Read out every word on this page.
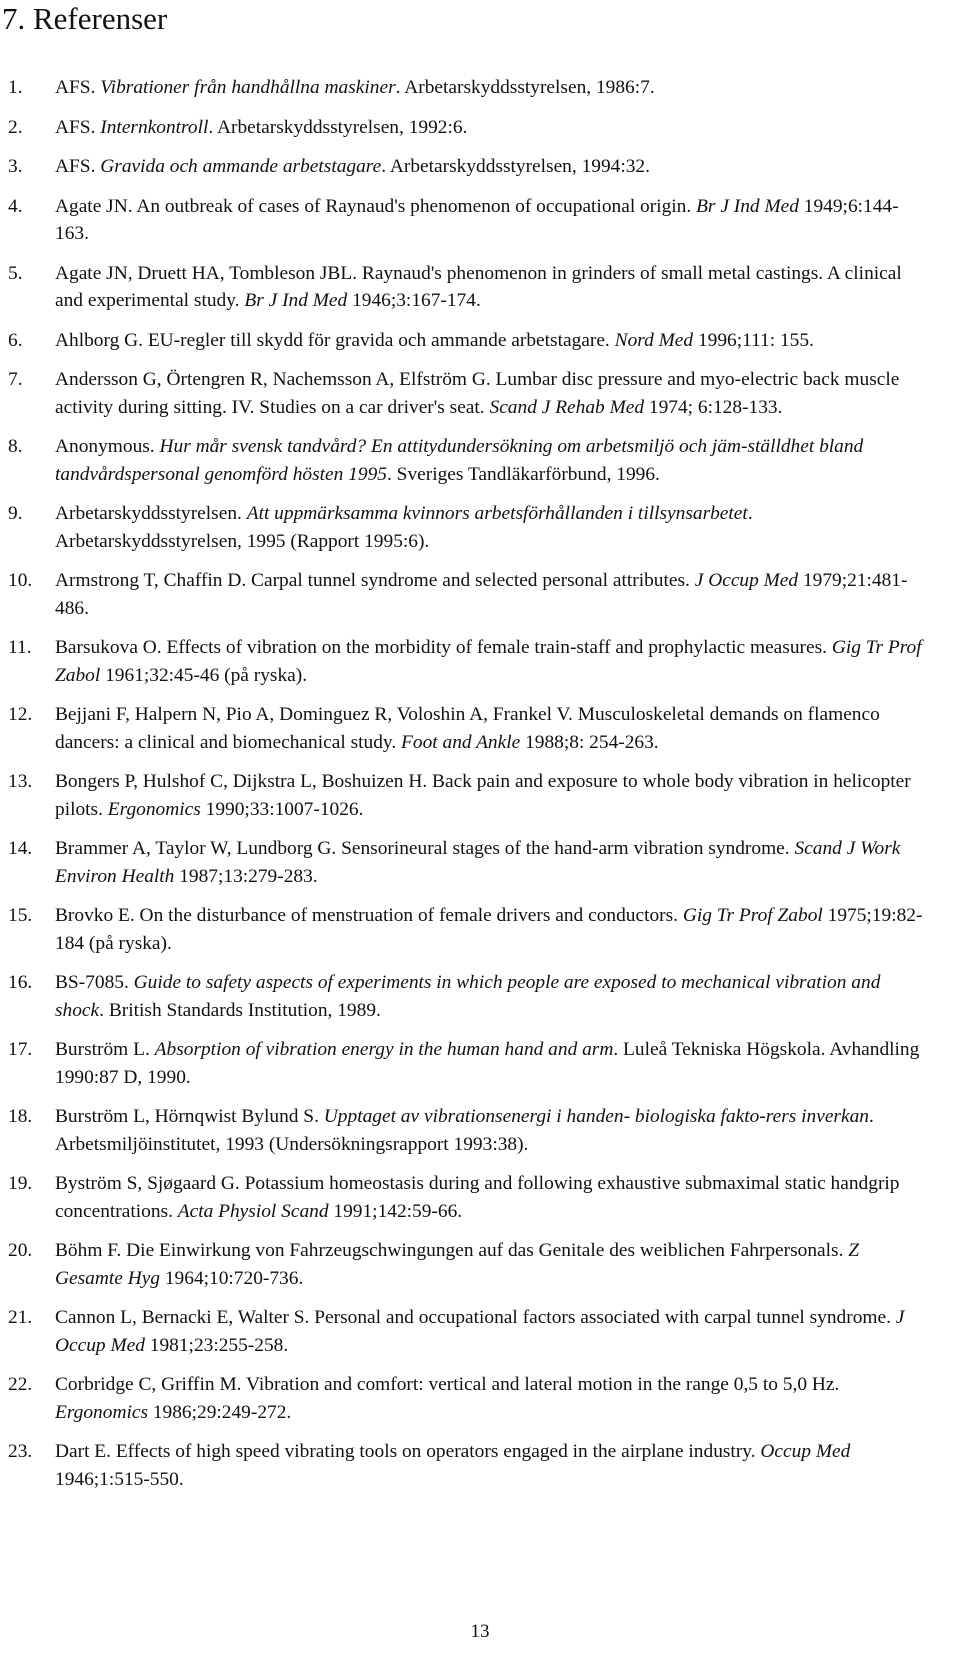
7. Referenser
1.	AFS. Vibrationer från handhållna maskiner. Arbetarskyddsstyrelsen, 1986:7.
2.	AFS. Internkontroll. Arbetarskyddsstyrelsen, 1992:6.
3.	AFS. Gravida och ammande arbetstagare. Arbetarskyddsstyrelsen, 1994:32.
4.	Agate JN. An outbreak of cases of Raynaud's phenomenon of occupational origin. Br J Ind Med 1949;6:144-163.
5.	Agate JN, Druett HA, Tombleson JBL. Raynaud's phenomenon in grinders of small metal castings. A clinical and experimental study. Br J Ind Med 1946;3:167-174.
6.	Ahlborg G. EU-regler till skydd för gravida och ammande arbetstagare. Nord Med 1996;111: 155.
7.	Andersson G, Örtengren R, Nachemsson A, Elfström G. Lumbar disc pressure and myo-electric back muscle activity during sitting. IV. Studies on a car driver's seat. Scand J Rehab Med 1974; 6:128-133.
8.	Anonymous. Hur mår svensk tandvård? En attitydundersökning om arbetsmiljö och jäm-ställdhet bland tandvårdspersonal genomförd hösten 1995. Sveriges Tandläkarförbund, 1996.
9.	Arbetarskyddsstyrelsen. Att uppmärksamma kvinnors arbetsförhållanden i tillsynsarbetet. Arbetarskyddsstyrelsen, 1995 (Rapport 1995:6).
10.	Armstrong T, Chaffin D. Carpal tunnel syndrome and selected personal attributes. J Occup Med 1979;21:481-486.
11.	Barsukova O. Effects of vibration on the morbidity of female train-staff and prophylactic measures. Gig Tr Prof Zabol 1961;32:45-46 (på ryska).
12.	Bejjani F, Halpern N, Pio A, Dominguez R, Voloshin A, Frankel V. Musculoskeletal demands on flamenco dancers: a clinical and biomechanical study. Foot and Ankle 1988;8: 254-263.
13.	Bongers P, Hulshof C, Dijkstra L, Boshuizen H. Back pain and exposure to whole body vibration in helicopter pilots. Ergonomics 1990;33:1007-1026.
14.	Brammer A, Taylor W, Lundborg G. Sensorineural stages of the hand-arm vibration syndrome. Scand J Work Environ Health 1987;13:279-283.
15.	Brovko E. On the disturbance of menstruation of female drivers and conductors. Gig Tr Prof Zabol 1975;19:82-184 (på ryska).
16.	BS-7085. Guide to safety aspects of experiments in which people are exposed to mechanical vibration and shock. British Standards Institution, 1989.
17.	Burström L. Absorption of vibration energy in the human hand and arm. Luleå Tekniska Högskola. Avhandling 1990:87 D, 1990.
18.	Burström L, Hörnqwist Bylund S. Upptaget av vibrationsenergi i handen- biologiska fakto-rers inverkan. Arbetsmiljöinstitutet, 1993 (Undersökningsrapport 1993:38).
19.	Byström S, Sjøgaard G. Potassium homeostasis during and following exhaustive submaximal static handgrip concentrations. Acta Physiol Scand 1991;142:59-66.
20.	Böhm F. Die Einwirkung von Fahrzeugschwingungen auf das Genitale des weiblichen Fahrpersonals. Z Gesamte Hyg 1964;10:720-736.
21.	Cannon L, Bernacki E, Walter S. Personal and occupational factors associated with carpal tunnel syndrome. J Occup Med 1981;23:255-258.
22.	Corbridge C, Griffin M. Vibration and comfort: vertical and lateral motion in the range 0,5 to 5,0 Hz. Ergonomics 1986;29:249-272.
23.	Dart E. Effects of high speed vibrating tools on operators engaged in the airplane industry. Occup Med 1946;1:515-550.
13
